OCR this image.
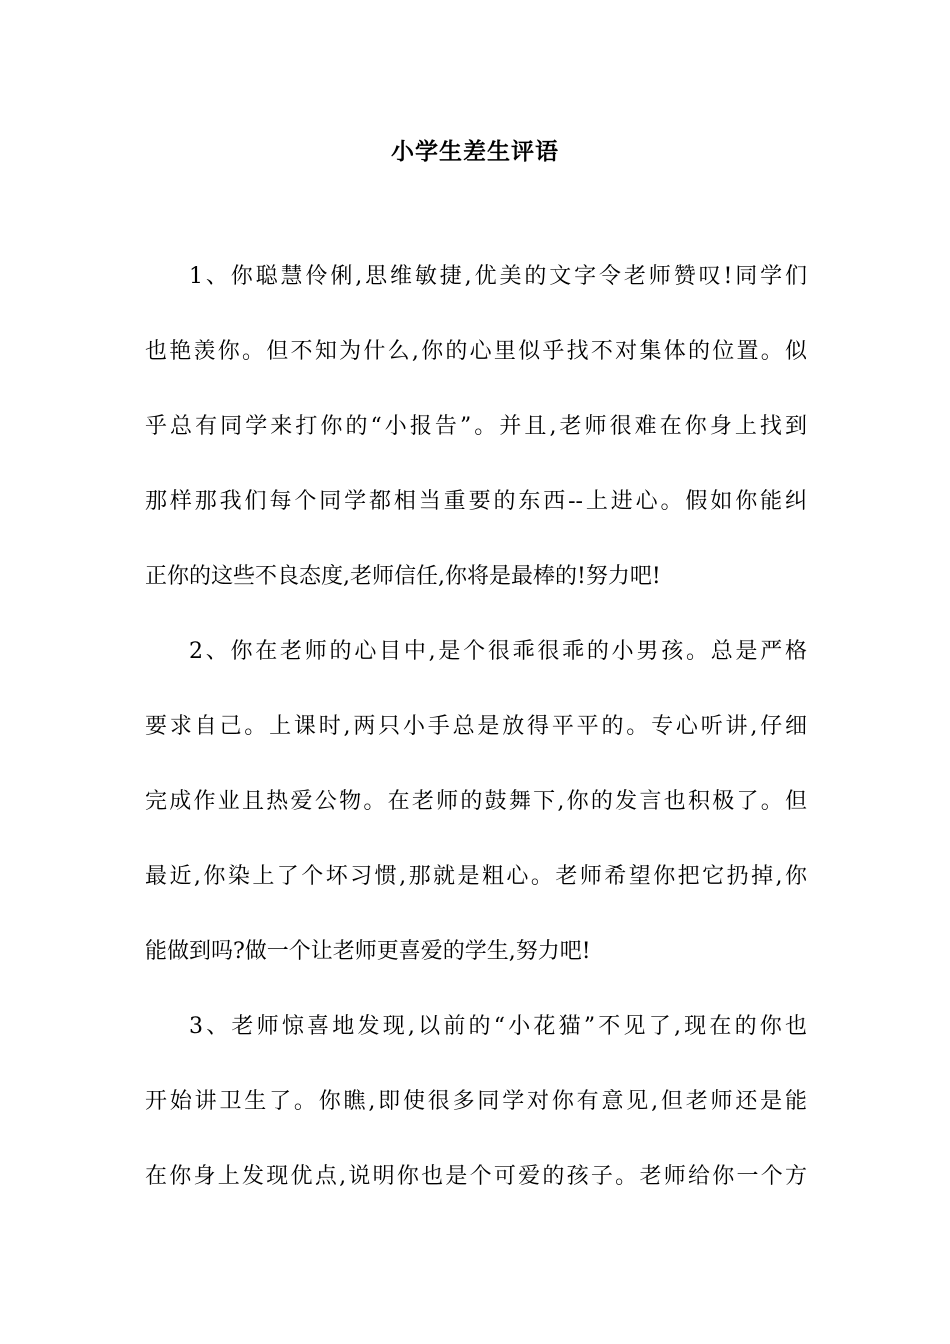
小学生差生评语
1、你聪慧伶俐,思维敏捷,优美的文字令老师赞叹!同学们
也艳羡你。但不知为什么,你的心里似乎找不对集体的位置。似
乎总有同学来打你的“小报告”。并且,老师很难在你身上找到
那样那我们每个同学都相当重要的东西--上进心。假如你能纠
正你的这些不良态度,老师信任,你将是最棒的!努力吧!
2、你在老师的心目中,是个很乖很乖的小男孩。总是严格
要求自己。上课时,两只小手总是放得平平的。专心听讲,仔细
完成作业且热爱公物。在老师的鼓舞下,你的发言也积极了。但
最近,你染上了个坏习惯,那就是粗心。老师希望你把它扔掉,你
能做到吗?做一个让老师更喜爱的学生,努力吧!
3、老师惊喜地发现,以前的“小花猫”不见了,现在的你也
开始讲卫生了。你瞧,即使很多同学对你有意见,但老师还是能
在你身上发现优点,说明你也是个可爱的孩子。老师给你一个方
